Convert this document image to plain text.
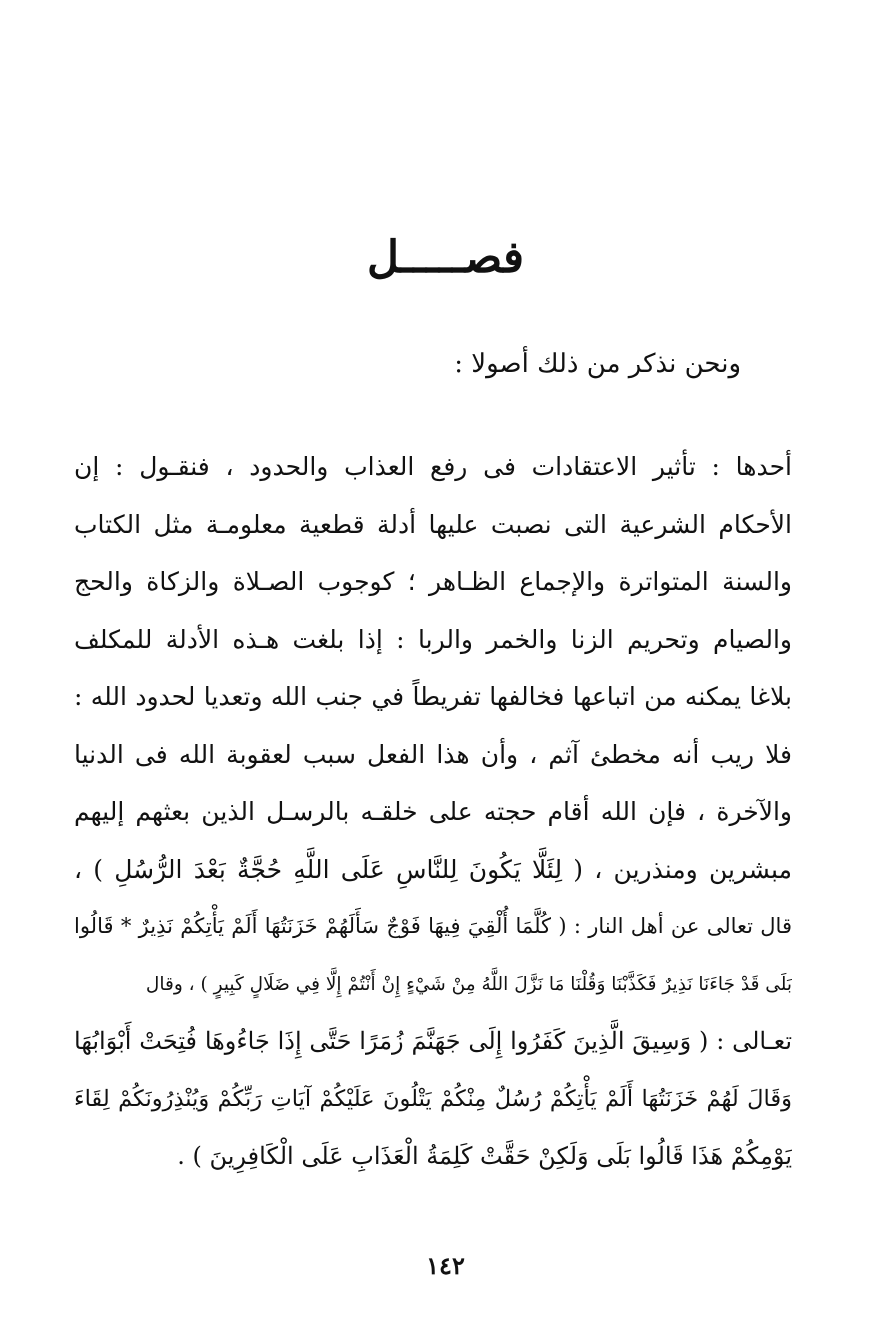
فصـــــل
ونحن نذكر من ذلك أصولا :
أحدها : تأثير الاعتقادات فى رفع العذاب والحدود ، فنقـول : إن
الأحكام الشرعية التى نصبت عليها أدلة قطعية معلومـة مثل الكتاب
والسنة المتواترة والإجماع الظـاهر ؛ كوجوب الصـلاة والزكاة والحج
والصيام وتحريم الزنا والخمر والربا : إذا بلغت هـذه الأدلة للمكلف
بلاغا يمكنه من اتباعها فخالفها تفريطاً في جنب الله وتعديا لحدود الله :
فلا ريب أنه مخطئ آثم ، وأن هذا الفعل سبب لعقوبة الله فى الدنيا
والآخرة ، فإن الله أقام حجته على خلقـه بالرسـل الذين بعثهم إليهم
مبشرين ومنذرين ، ( لِئَلَّا يَكُونَ لِلنَّاسِ عَلَى اللَّهِ حُجَّةٌ بَعْدَ الرُّسُلِ ) ،
قال تعالى عن أهل النار : ( كُلَّمَا أُلْقِيَ فِيهَا فَوْجٌ سَأَلَهُمْ خَزَنَتُهَا أَلَمْ يَأْتِكُمْ نَذِيرٌ * قَالُوا
بَلَى قَدْ جَاءَنَا نَذِيرٌ فَكَذَّبْنَا وَقُلْنَا مَا نَزَّلَ اللَّهُ مِنْ شَيْءٍ إِنْ أَنْتُمْ إِلَّا فِي ضَلَالٍ كَبِيرٍ ) ، وقال
تعـالى : ( وَسِيقَ الَّذِينَ كَفَرُوا إِلَى جَهَنَّمَ زُمَرًا حَتَّى إِذَا جَاءُوهَا فُتِحَتْ أَبْوَابُهَا
وَقَالَ لَهُمْ خَزَنَتُهَا أَلَمْ يَأْتِكُمْ رُسُلٌ مِنْكُمْ يَتْلُونَ عَلَيْكُمْ آيَاتِ رَبِّكُمْ وَيُنْذِرُونَكُمْ لِقَاءَ
يَوْمِكُمْ هَذَا قَالُوا بَلَى وَلَكِنْ حَقَّتْ كَلِمَةُ الْعَذَابِ عَلَى الْكَافِرِينَ ) .
١٤٢
